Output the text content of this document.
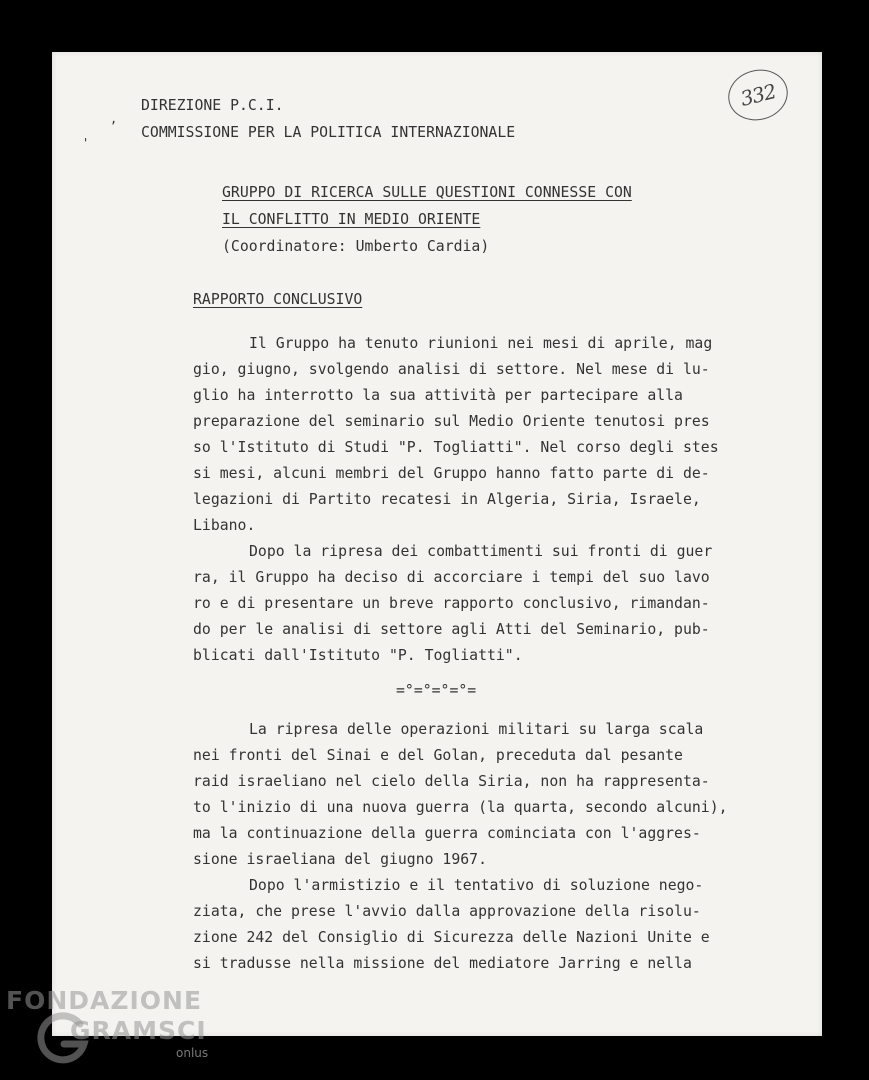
332
,
'

DIREZIONE P.C.I.

COMMISSIONE PER LA POLITICA INTERNAZIONALE

GRUPPO DI RICERCA SULLE QUESTIONI CONNESSE CON

IL CONFLITTO IN MEDIO ORIENTE

(Coordinatore: Umberto Cardia)

RAPPORTO CONCLUSIVO

Il Gruppo ha tenuto riunioni nei mesi di aprile, mag

gio, giugno, svolgendo analisi di settore. Nel mese di lu-

glio ha interrotto la sua attività per partecipare alla

preparazione del seminario sul Medio Oriente tenutosi pres

so l'Istituto di Studi "P. Togliatti". Nel corso degli stes

si mesi, alcuni membri del Gruppo hanno fatto parte di de-

legazioni di Partito recatesi in Algeria, Siria, Israele,

Libano.

Dopo la ripresa dei combattimenti sui fronti di guer

ra, il Gruppo ha deciso di accorciare i tempi del suo lavo

ro e di presentare un breve rapporto conclusivo, rimandan-

do per le analisi di settore agli Atti del Seminario, pub-

blicati dall'Istituto "P. Togliatti".

=°=°=°=°=

La ripresa delle operazioni militari su larga scala

nei fronti del Sinai e del Golan, preceduta dal pesante

raid israeliano nel cielo della Siria, non ha rappresenta-

to l'inizio di una nuova guerra (la quarta, secondo alcuni),

ma la continuazione della guerra cominciata con l'aggres-

sione israeliana del giugno 1967.

Dopo l'armistizio e il tentativo di soluzione nego-

ziata, che prese l'avvio dalla approvazione della risolu-

zione 242 del Consiglio di Sicurezza delle Nazioni Unite e

si tradusse nella missione del mediatore Jarring e nella

FONDAZIONE
GRAMSCI
onlus
